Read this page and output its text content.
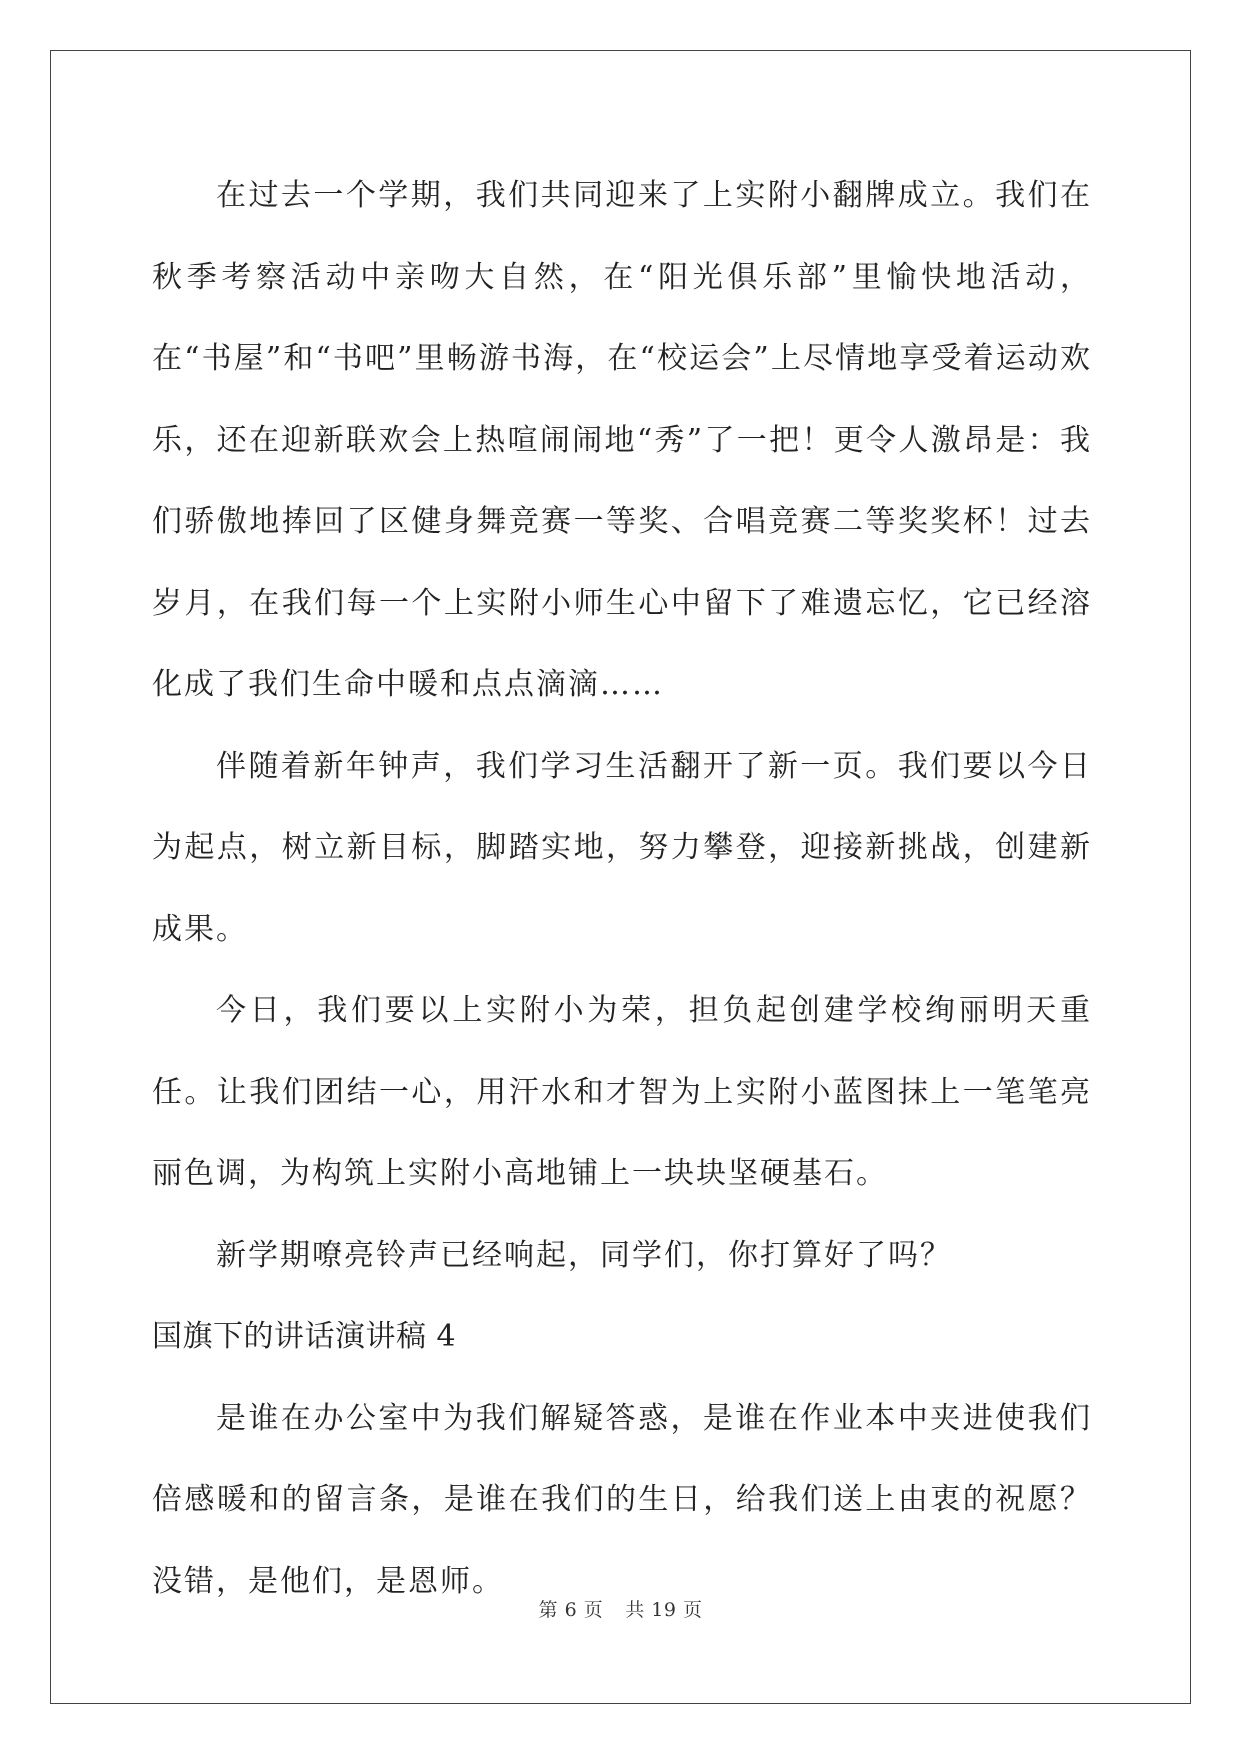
在过去一个学期，我们共同迎来了上实附小翻牌成立。我们在秋季考察活动中亲吻大自然，在“阳光俱乐部”里愉快地活动，在“书屋”和“书吧”里畅游书海，在“校运会”上尽情地享受着运动欢乐，还在迎新联欢会上热喧闹闹地“秀”了一把！更令人激昂是：我们骄傲地捧回了区健身舞竞赛一等奖、合唱竞赛二等奖奖杯！过去岁月，在我们每一个上实附小师生心中留下了难遗忘忆，它已经溶化成了我们生命中暖和点点滴滴……

伴随着新年钟声，我们学习生活翻开了新一页。我们要以今日为起点，树立新目标，脚踏实地，努力攀登，迎接新挑战，创建新成果。

今日，我们要以上实附小为荣，担负起创建学校绚丽明天重任。让我们团结一心，用汗水和才智为上实附小蓝图抹上一笔笔亮丽色调，为构筑上实附小高地铺上一块块坚硬基石。

新学期嘹亮铃声已经响起，同学们，你打算好了吗？

国旗下的讲话演讲稿 4

是谁在办公室中为我们解疑答惑，是谁在作业本中夹进使我们倍感暖和的留言条，是谁在我们的生日，给我们送上由衷的祝愿？没错，是他们，是恩师。

第 6 页 共 19 页
